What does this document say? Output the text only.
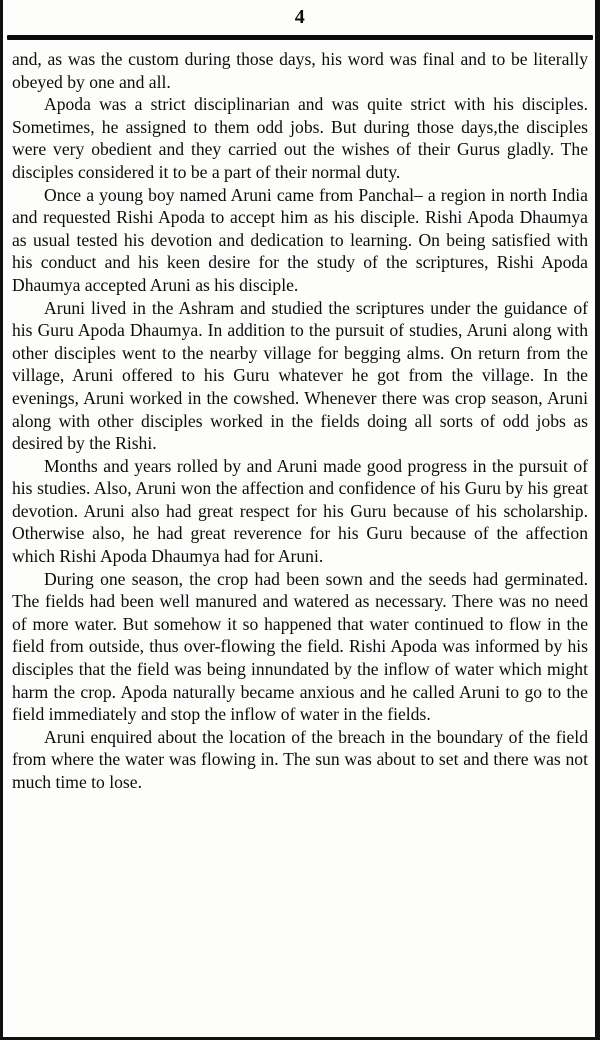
4

and, as was the custom during those days, his word was final and to be literally obeyed by one and all.

Apoda was a strict disciplinarian and was quite strict with his disciples. Sometimes, he assigned to them odd jobs. But during those days,the disciples were very obedient and they carried out the wishes of their Gurus gladly. The disciples considered it to be a part of their normal duty.

Once a young boy named Aruni came from Panchal– a region in north India and requested Rishi Apoda to accept him as his disciple. Rishi Apoda Dhaumya as usual tested his devotion and dedication to learning. On being satisfied with his conduct and his keen desire for the study of the scriptures, Rishi Apoda Dhaumya accepted Aruni as his disciple.

Aruni lived in the Ashram and studied the scriptures under the guidance of his Guru Apoda Dhaumya. In addition to the pursuit of studies, Aruni along with other disciples went to the nearby village for begging alms. On return from the village, Aruni offered to his Guru whatever he got from the village. In the evenings, Aruni worked in the cowshed. Whenever there was crop season, Aruni along with other disciples worked in the fields doing all sorts of odd jobs as desired by the Rishi.

Months and years rolled by and Aruni made good progress in the pursuit of his studies. Also, Aruni won the affection and confidence of his Guru by his great devotion. Aruni also had great respect for his Guru because of his scholarship. Otherwise also, he had great reverence for his Guru because of the affection which Rishi Apoda Dhaumya had for Aruni.

During one season, the crop had been sown and the seeds had germinated. The fields had been well manured and watered as necessary. There was no need of more water. But somehow it so happened that water continued to flow in the field from outside, thus over-flowing the field. Rishi Apoda was informed by his disciples that the field was being innundated by the inflow of water which might harm the crop. Apoda naturally became anxious and he called Aruni to go to the field immediately and stop the inflow of water in the fields.

Aruni enquired about the location of the breach in the boundary of the field from where the water was flowing in. The sun was about to set and there was not much time to lose.
